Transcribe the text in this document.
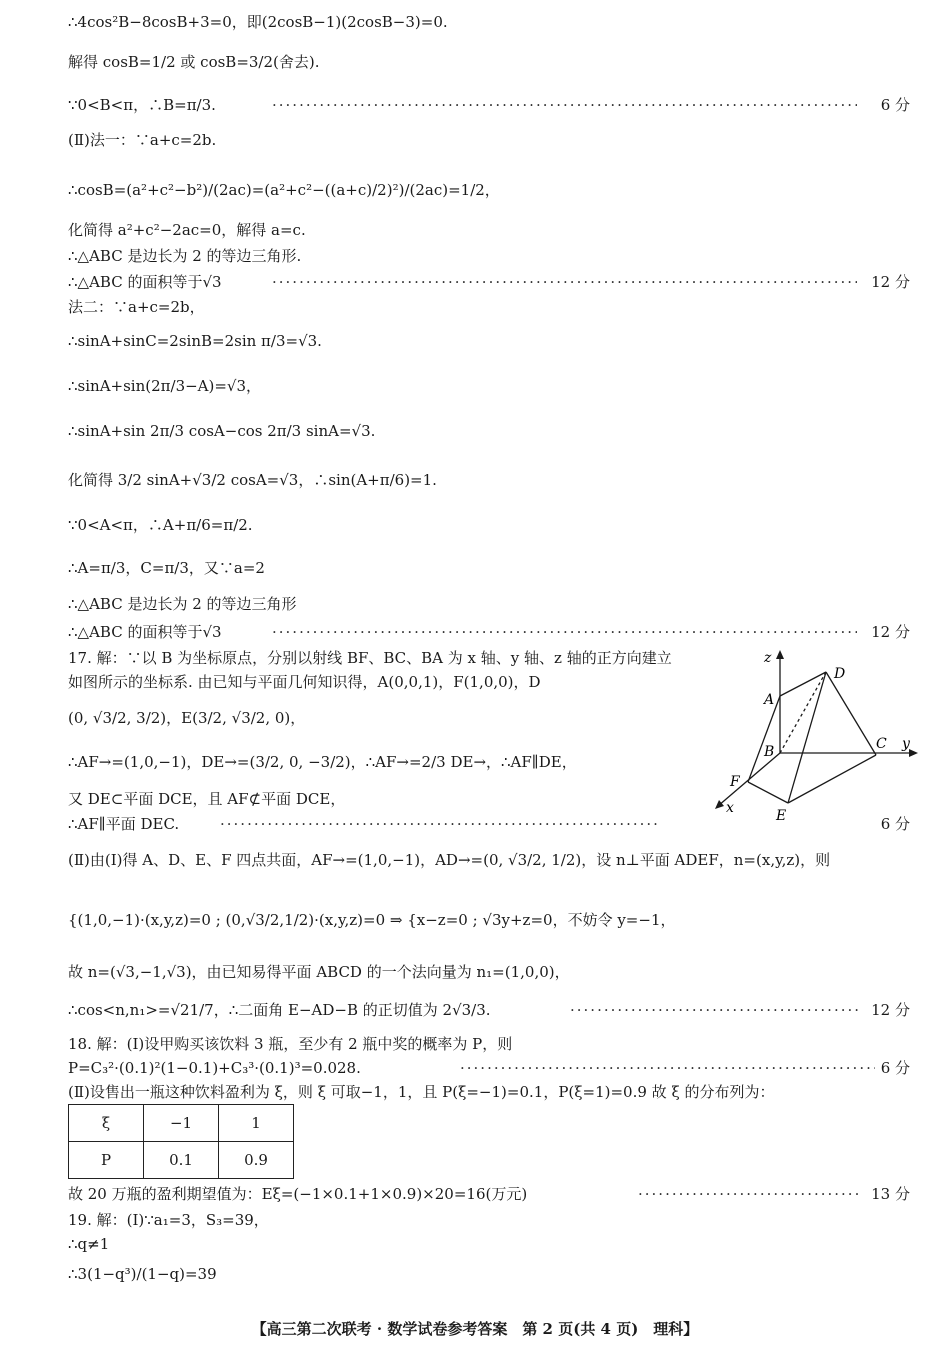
∴4cos²B−8cosB+3=0，即(2cosB−1)(2cosB−3)=0.
解得 cosB=1/2 或 cosB=3/2(舍去).
∵0<B<π，∴B=π/3.
(Ⅱ)法一：∵a+c=2b.
∴cosB=(a²+c²−b²)/(2ac)=(a²+c²−((a+c)/2)²)/(2ac)=1/2，
化简得 a²+c²−2ac=0，解得 a=c.
∴△ABC 是边长为 2 的等边三角形.
∴△ABC 的面积等于√3
法二：∵a+c=2b，
∴sinA+sinC=2sinB=2sin π/3=√3.
∴sinA+sin(2π/3−A)=√3，
∴sinA+sin 2π/3 cosA−cos 2π/3 sinA=√3.
化简得 3/2 sinA+√3/2 cosA=√3，∴sin(A+π/6)=1.
∵0<A<π，∴A+π/6=π/2.
∴A=π/3，C=π/3，又∵a=2
∴△ABC 是边长为 2 的等边三角形
∴△ABC 的面积等于√3
17. 解：∵以 B 为坐标原点，分别以射线 BF、BC、BA 为 x 轴、y 轴、z 轴的正方向建立
如图所示的坐标系. 由已知与平面几何知识得，A(0,0,1)，F(1,0,0)，D
(0, √3/2, 3/2)，E(3/2, √3/2, 0)，
∴AF→=(1,0,−1)，DE→=(3/2, 0, −3/2)，∴AF→=2/3 DE→，∴AF∥DE，
又 DE⊂平面 DCE，且 AF⊄平面 DCE，
∴AF∥平面 DEC.
(Ⅱ)由(Ⅰ)得 A、D、E、F 四点共面，AF→=(1,0,−1)，AD→=(0, √3/2, 1/2)，设 n⊥平面 ADEF，n=(x,y,z)，则
{(1,0,−1)·(x,y,z)=0 ; (0,√3/2,1/2)·(x,y,z)=0 ⇒ {x−z=0 ; √3y+z=0，不妨令 y=−1，
故 n=(√3,−1,√3)，由已知易得平面 ABCD 的一个法向量为 n₁=(1,0,0)，
∴cos<n,n₁>=√21/7，∴二面角 E−AD−B 的正切值为 2√3/3.
18. 解：(Ⅰ)设甲购买该饮料 3 瓶，至少有 2 瓶中奖的概率为 P，则
P=C₃²·(0.1)²(1−0.1)+C₃³·(0.1)³=0.028.
(Ⅱ)设售出一瓶这种饮料盈利为 ξ，则 ξ 可取−1，1，且 P(ξ=−1)=0.1，P(ξ=1)=0.9 故 ξ 的分布列为：
故 20 万瓶的盈利期望值为：Eξ=(−1×0.1+1×0.9)×20=16(万元)
19. 解：(Ⅰ)∵a₁=3，S₃=39，
∴q≠1
∴3(1−q³)/(1−q)=39
6 分
12 分
12 分
6 分
12 分
6 分
13 分
·····
·····
·····
·····
·····
·····
·····
ξ	−1	1
P	0.1	0.9
z
y
x
A
B	C
D
E
F
【高三第二次联考 · 数学试卷参考答案　第 2 页(共 4 页)　理科】
